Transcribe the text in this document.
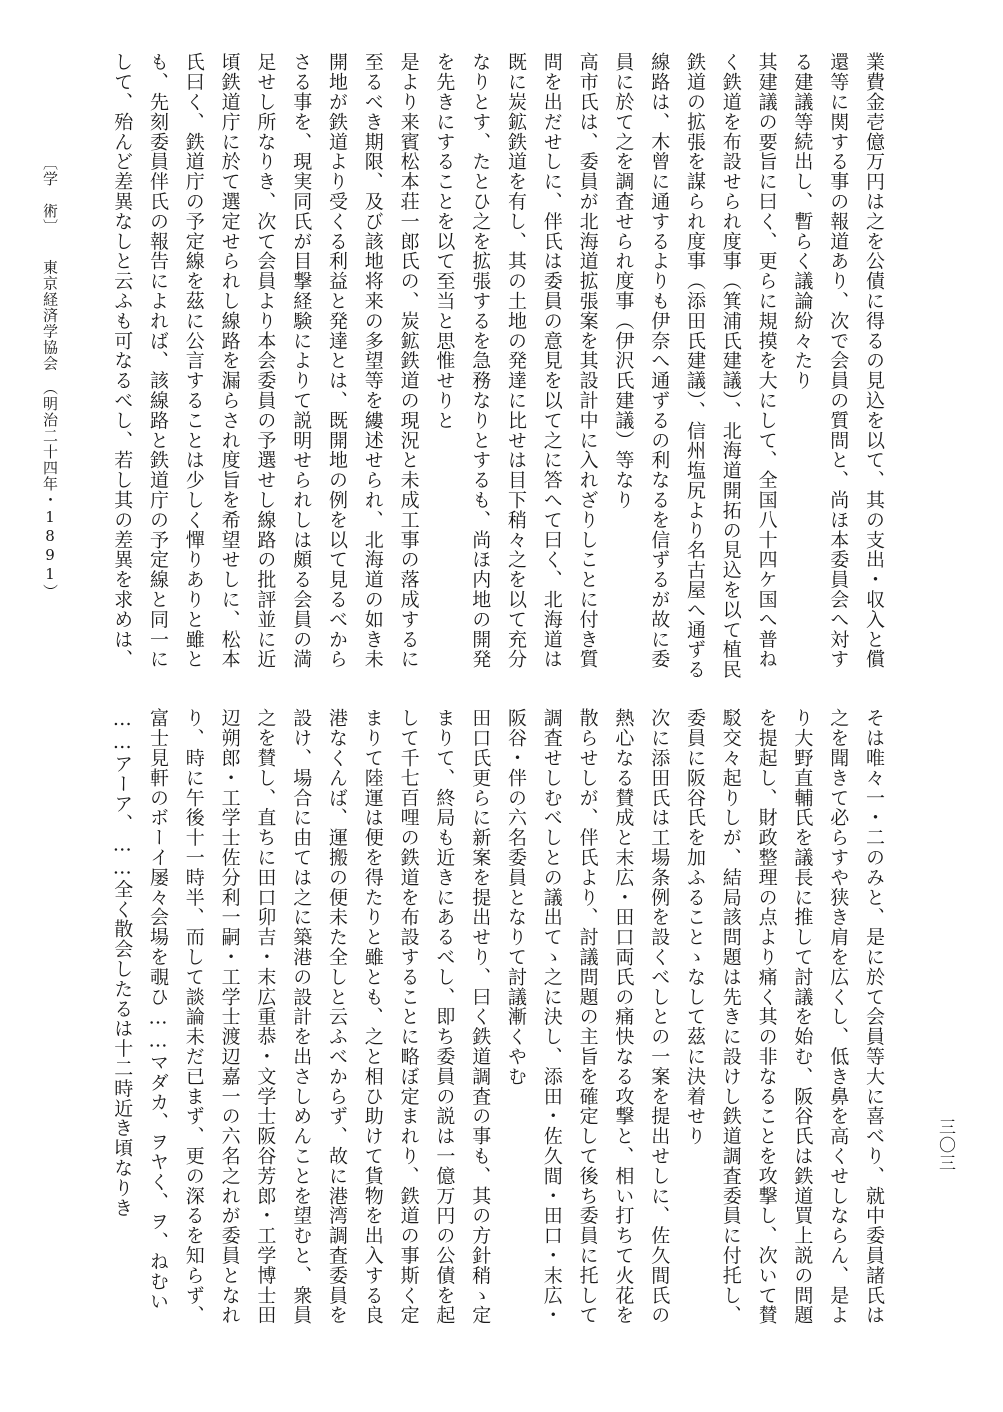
業費金壱億万円は之を公債に得るの見込を以て、其の支出・収入と償
還等に関する事の報道あり、次で会員の質問と、尚ほ本委員会へ対す
る建議等続出し、暫らく議論紛々たり
其建議の要旨に曰く、更らに規摸を大にして、全国八十四ケ国へ普ね
く鉄道を布設せられ度事（箕浦氏建議）、北海道開拓の見込を以て植民
鉄道の拡張を謀られ度事（添田氏建議）、信州塩尻より名古屋へ通ずる
線路は、木曾に通するよりも伊奈へ通ずるの利なるを信ずるが故に委
員に於て之を調査せられ度事（伊沢氏建議）等なり
高市氏は、委員が北海道拡張案を其設計中に入れざりしことに付き質
問を出だせしに、伴氏は委員の意見を以て之に答へて曰く、北海道は
既に炭鉱鉄道を有し、其の土地の発達に比せは目下稍々之を以て充分
なりとす、たとひ之を拡張するを急務なりとするも、尚ほ内地の開発
を先きにすることを以て至当と思惟せりと
是より来賓松本荘一郎氏の、炭鉱鉄道の現況と未成工事の落成するに
至るべき期限、及び該地将来の多望等を縷述せられ、北海道の如き未
開地が鉄道より受くる利益と発達とは、既開地の例を以て見るべから
さる事を、現実同氏が目撃経験によりて説明せられしは頗る会員の満
足せし所なりき、次て会員より本会委員の予選せし線路の批評並に近
頃鉄道庁に於て選定せられし線路を漏らされ度旨を希望せしに、松本
氏曰く、鉄道庁の予定線を茲に公言することは少しく憚りありと雖と
も、先刻委員伴氏の報告によれば、該線路と鉄道庁の予定線と同一に
して、殆んど差異なしと云ふも可なるべし、若し其の差異を求めは、
そは唯々一・二のみと、是に於て会員等大に喜べり、就中委員諸氏は
之を聞きて必らすや狭き肩を広くし、低き鼻を高くせしならん、是よ
り大野直輔氏を議長に推して討議を始む、阪谷氏は鉄道買上説の問題
を提起し、財政整理の点より痛く其の非なることを攻撃し、次いて賛
駁交々起りしが、結局該問題は先きに設けし鉄道調査委員に付托し、
委員に阪谷氏を加ふることゝなして茲に決着せり
次に添田氏は工場条例を設くべしとの一案を提出せしに、佐久間氏の
熱心なる賛成と末広・田口両氏の痛快なる攻撃と、相い打ちて火花を
散らせしが、伴氏より、討議問題の主旨を確定して後ち委員に托して
調査せしむべしとの議出てゝ之に決し、添田・佐久間・田口・末広・
阪谷・伴の六名委員となりて討議漸くやむ
田口氏更らに新案を提出せり、曰く鉄道調査の事も、其の方針稍ゝ定
まりて、終局も近きにあるべし、即ち委員の説は一億万円の公債を起
して千七百哩の鉄道を布設することに略ぼ定まれり、鉄道の事斯く定
まりて陸運は便を得たりと雖とも、之と相ひ助けて貨物を出入する良
港なくんば、運搬の便未た全しと云ふべからず、故に港湾調査委員を
設け、場合に由ては之に築港の設計を出さしめんことを望むと、衆員
之を賛し、直ちに田口卯吉・末広重恭・文学士阪谷芳郎・工学博士田
辺朔郎・工学士佐分利一嗣・工学士渡辺嘉一の六名之れが委員となれ
り、時に午後十一時半、而して談論未だ已まず、更の深るを知らず、
富士見軒のボーイ屡々会場を覗ひ……マダカ、ヲヤく、ヲ、ねむい
……アーア、……全く散会したるは十二時近き頃なりき
〔学　術〕　　東京経済学協会　（明治二十四年・1891）
三〇三
